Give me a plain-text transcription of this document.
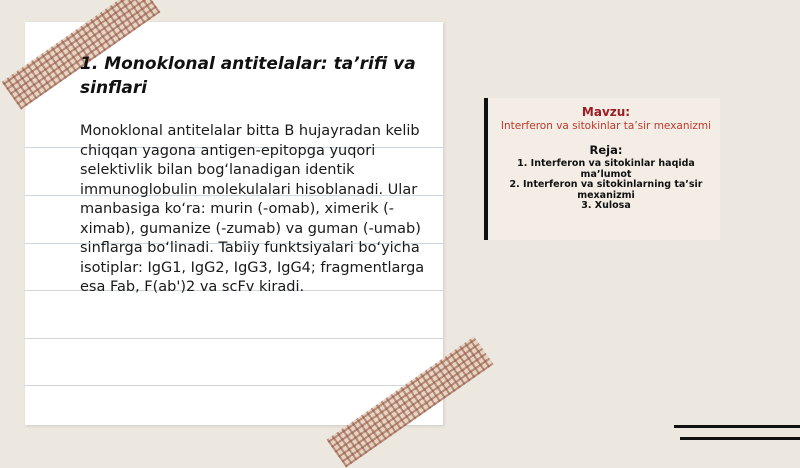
1. Monoklonal antitelalar: ta’rifi va sinflari
Monoklonal antitelalar bitta B hujayradan kelib chiqqan yagona antigen-epitopga yuqori selektivlik bilan bog‘lanadigan identik immunoglobulin molekulalari hisoblanadi. Ular manbasiga ko‘ra: murin (-omab), ximerik (-ximab), gumanize (-zumab) va guman (-umab) sinflarga bo‘linadi. Tabiiy funktsiyalari bo‘yicha isotiplar: IgG1, IgG2, IgG3, IgG4; fragmentlarga esa Fab, F(ab')2 va scFv kiradi.
Mavzu:
Interferon va sitokinlar ta’sir mexanizmi
Reja:
1. Interferon va sitokinlar haqida ma’lumot
2. Interferon va sitokinlarning ta’sir mexanizmi
3. Xulosa
